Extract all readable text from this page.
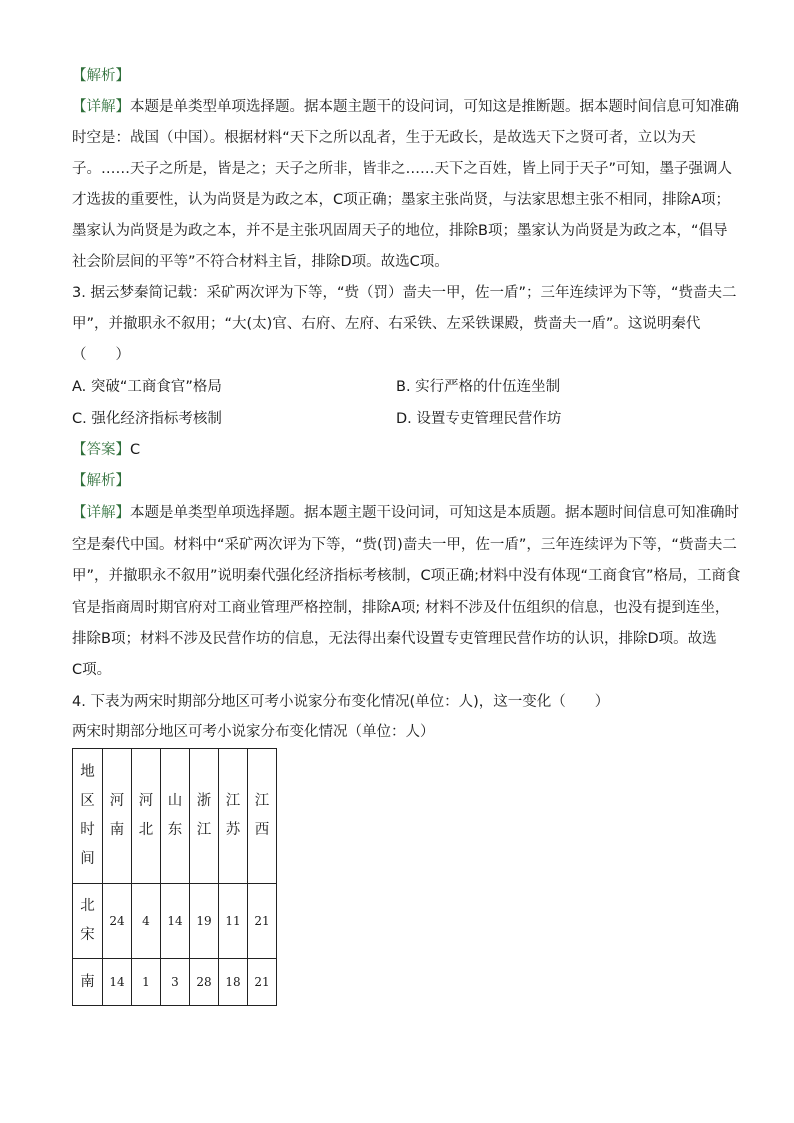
【解析】
【详解】本题是单类型单项选择题。据本题主题干的设问词，可知这是推断题。据本题时间信息可知准确
时空是：战国（中国）。根据材料“天下之所以乱者，生于无政长，是故选天下之贤可者，立以为天
子。……天子之所是，皆是之；天子之所非，皆非之……天下之百姓，皆上同于天子”可知，墨子强调人
才选拔的重要性，认为尚贤是为政之本，C项正确；墨家主张尚贤，与法家思想主张不相同，排除A项；
墨家认为尚贤是为政之本，并不是主张巩固周天子的地位，排除B项；墨家认为尚贤是为政之本，“倡导
社会阶层间的平等”不符合材料主旨，排除D项。故选C项。
3. 据云梦秦简记载：采矿两次评为下等，“赀（罚）啬夫一甲，佐一盾”；三年连续评为下等，“赀啬夫二
甲”，并撤职永不叙用；“大(太)官、右府、左府、右采铁、左采铁课殿，赀啬夫一盾”。这说明秦代
（　　）
A. 突破“工商食官”格局	B. 实行严格的什伍连坐制
C. 强化经济指标考核制	D. 设置专吏管理民营作坊
【答案】C
【解析】
【详解】本题是单类型单项选择题。据本题主题干设问词，可知这是本质题。据本题时间信息可知准确时
空是秦代中国。材料中“采矿两次评为下等，“赀(罚)啬夫一甲，佐一盾”，三年连续评为下等，“赀啬夫二
甲”，并撤职永不叙用”说明秦代强化经济指标考核制，C项正确;材料中没有体现“工商食官”格局，工商食
官是指商周时期官府对工商业管理严格控制，排除A项; 材料不涉及什伍组织的信息，也没有提到连坐，
排除B项；材料不涉及民营作坊的信息，无法得出秦代设置专吏管理民营作坊的认识，排除D项。故选
C项。
4. 下表为两宋时期部分地区可考小说家分布变化情况(单位：人)，这一变化（　　）
两宋时期部分地区可考小说家分布变化情况（单位：人）
地区时间	河南	河北	山东	浙江	江苏	江西

北宋	24	4	14	19	11	21

南	14	1	3	28	18	21
